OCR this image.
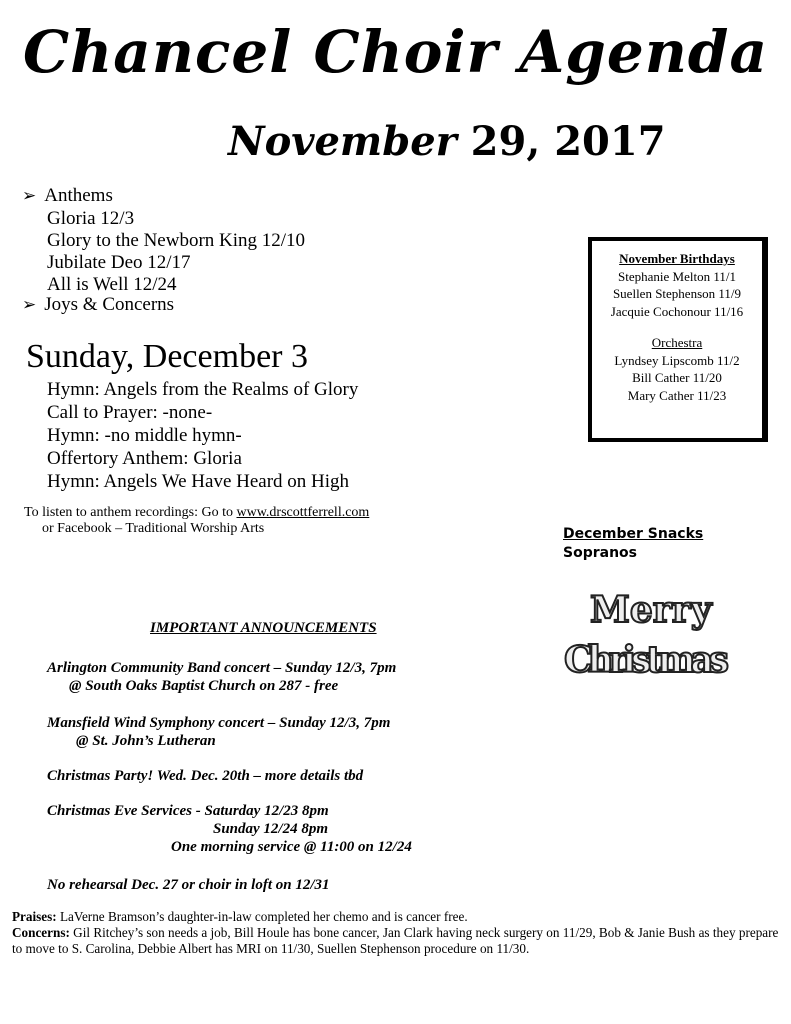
Chancel Choir Agenda
November 29, 2017
➢ Anthems
Gloria 12/3
Glory to the Newborn King 12/10
Jubilate Deo 12/17
All is Well 12/24
➢ Joys & Concerns
Sunday, December 3
Hymn: Angels from the Realms of Glory
Call to Prayer: -none-
Hymn: -no middle hymn-
Offertory Anthem: Gloria
Hymn: Angels We Have Heard on High
To listen to anthem recordings: Go to www.drscottferrell.com
or Facebook – Traditional Worship Arts
November Birthdays
Stephanie Melton 11/1
Suellen Stephenson 11/9
Jacquie Cochonour 11/16
Orchestra
Lyndsey Lipscomb 11/2
Bill Cather 11/20
Mary Cather 11/23
December Snacks
Sopranos
Merry
Christmas
IMPORTANT ANNOUNCEMENTS
Arlington Community Band concert – Sunday 12/3, 7pm
@ South Oaks Baptist Church on 287 - free
Mansfield Wind Symphony concert – Sunday 12/3, 7pm
@ St. John’s Lutheran
Christmas Party! Wed. Dec. 20th – more details tbd
Christmas Eve Services - Saturday 12/23 8pm
Sunday 12/24 8pm
One morning service @ 11:00 on 12/24
No rehearsal Dec. 27 or choir in loft on 12/31
Praises: LaVerne Bramson’s daughter-in-law completed her chemo and is cancer free.
Concerns: Gil Ritchey’s son needs a job, Bill Houle has bone cancer, Jan Clark having neck surgery on 11/29, Bob & Janie Bush as they prepare to move to S. Carolina, Debbie Albert has MRI on 11/30, Suellen Stephenson procedure on 11/30.
